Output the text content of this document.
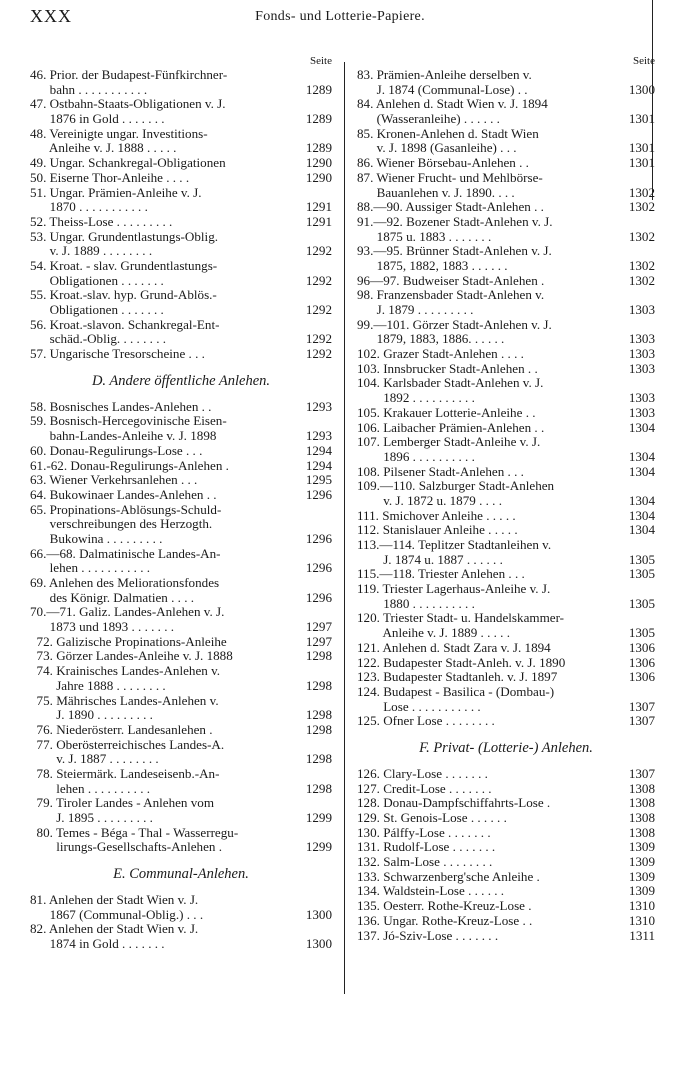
XXX	Fonds- und Lotterie-Papiere.
Seite
46. Prior. der Budapest-Fünfkirchner-
bahn . . . . . . . . . . .	1289
47. Ostbahn-Staats-Obligationen v. J.
1876 in Gold . . . . . . .	1289
48. Vereinigte ungar. Investitions-
Anleihe v. J. 1888 . . . . .	1289
49. Ungar. Schankregal-Obligationen	1290
50. Eiserne Thor-Anleihe . . . .	1290
51. Ungar. Prämien-Anleihe v. J.
1870 . . . . . . . . . . .	1291
52. Theiss-Lose . . . . . . . . .	1291
53. Ungar. Grundentlastungs-Oblig.
v. J. 1889 . . . . . . . .	1292
54. Kroat. - slav. Grundentlastungs-
Obligationen . . . . . . .	1292
55. Kroat.-slav. hyp. Grund-Ablös.-
Obligationen . . . . . . .	1292
56. Kroat.-slavon. Schankregal-Ent-
schäd.-Oblig. . . . . . . .	1292
57. Ungarische Tresorscheine . . .	1292
D. Andere öffentliche Anlehen.
58. Bosnisches Landes-Anlehen . .	1293
59. Bosnisch-Hercegovinische Eisen-
bahn-Landes-Anleihe v. J. 1898	1293
60. Donau-Regulirungs-Lose . . .	1294
61.-62. Donau-Regulirungs-Anlehen .	1294
63. Wiener Verkehrsanlehen . . .	1295
64. Bukowinaer Landes-Anlehen . .	1296
65. Propinations-Ablösungs-Schuld-
verschreibungen des Herzogth.
Bukowina . . . . . . . . .	1296
66.—68. Dalmatinische Landes-An-
lehen . . . . . . . . . . .	1296
69. Anlehen des Meliorationsfondes
des Königr. Dalmatien . . . .	1296
70.—71. Galiz. Landes-Anlehen v. J.
1873 und 1893 . . . . . . .	1297
72. Galizische Propinations-Anleihe	1297
73. Görzer Landes-Anleihe v. J. 1888	1298
74. Krainisches Landes-Anlehen v.
Jahre 1888 . . . . . . . .	1298
75. Mährisches Landes-Anlehen v.
J. 1890 . . . . . . . . .	1298
76. Niederösterr. Landesanlehen .	1298
77. Oberösterreichisches Landes-A.
v. J. 1887 . . . . . . . .	1298
78. Steiermärk. Landeseisenb.-An-
lehen . . . . . . . . . .	1298
79. Tiroler Landes - Anlehen vom
J. 1895 . . . . . . . . .	1299
80. Temes - Béga - Thal - Wasserregu-
lirungs-Gesellschafts-Anlehen .	1299
E. Communal-Anlehen.
81. Anlehen der Stadt Wien v. J.
1867 (Communal-Oblig.) . . .	1300
82. Anlehen der Stadt Wien v. J.
1874 in Gold . . . . . . .	1300
Seite
83. Prämien-Anleihe derselben v.
J. 1874 (Communal-Lose) . .	1300
84. Anlehen d. Stadt Wien v. J. 1894
(Wasseranleihe) . . . . . .	1301
85. Kronen-Anlehen d. Stadt Wien
v. J. 1898 (Gasanleihe) . . .	1301
86. Wiener Börsebau-Anlehen . .	1301
87. Wiener Frucht- und Mehlbörse-
Bauanlehen v. J. 1890. . . .	1302
88.—90. Aussiger Stadt-Anlehen . .	1302
91.—92. Bozener Stadt-Anlehen v. J.
1875 u. 1883 . . . . . . .	1302
93.—95. Brünner Stadt-Anlehen v. J.
1875, 1882, 1883 . . . . . .	1302
96—97. Budweiser Stadt-Anlehen .	1302
98. Franzensbader Stadt-Anlehen v.
J. 1879 . . . . . . . . .	1303
99.—101. Görzer Stadt-Anlehen v. J.
1879, 1883, 1886. . . . . .	1303
102. Grazer Stadt-Anlehen . . . .	1303
103. Innsbrucker Stadt-Anlehen . .	1303
104. Karlsbader Stadt-Anlehen v. J.
1892 . . . . . . . . . .	1303
105. Krakauer Lotterie-Anleihe . .	1303
106. Laibacher Prämien-Anlehen . .	1304
107. Lemberger Stadt-Anleihe v. J.
1896 . . . . . . . . . .	1304
108. Pilsener Stadt-Anlehen . . .	1304
109.—110. Salzburger Stadt-Anlehen
v. J. 1872 u. 1879 . . . .	1304
111. Smichover Anleihe . . . . .	1304
112. Stanislauer Anleihe . . . . .	1304
113.—114. Teplitzer Stadtanleihen v.
J. 1874 u. 1887 . . . . . .	1305
115.—118. Triester Anlehen . . .	1305
119. Triester Lagerhaus-Anleihe v. J.
1880 . . . . . . . . . .	1305
120. Triester Stadt- u. Handelskammer-
Anleihe v. J. 1889 . . . . .	1305
121. Anlehen d. Stadt Zara v. J. 1894	1306
122. Budapester Stadt-Anleh. v. J. 1890	1306
123. Budapester Stadtanleh. v. J. 1897	1306
124. Budapest - Basilica - (Dombau-)
Lose . . . . . . . . . . .	1307
125. Ofner Lose . . . . . . . .	1307
F. Privat- (Lotterie-) Anlehen.
126. Clary-Lose . . . . . . .	1307
127. Credit-Lose . . . . . . .	1308
128. Donau-Dampfschiffahrts-Lose .	1308
129. St. Genois-Lose . . . . . .	1308
130. Pálffy-Lose . . . . . . .	1308
131. Rudolf-Lose . . . . . . .	1309
132. Salm-Lose . . . . . . . .	1309
133. Schwarzenberg'sche Anleihe .	1309
134. Waldstein-Lose . . . . . .	1309
135. Oesterr. Rothe-Kreuz-Lose .	1310
136. Ungar. Rothe-Kreuz-Lose . .	1310
137. Jó-Sziv-Lose . . . . . . .	1311
